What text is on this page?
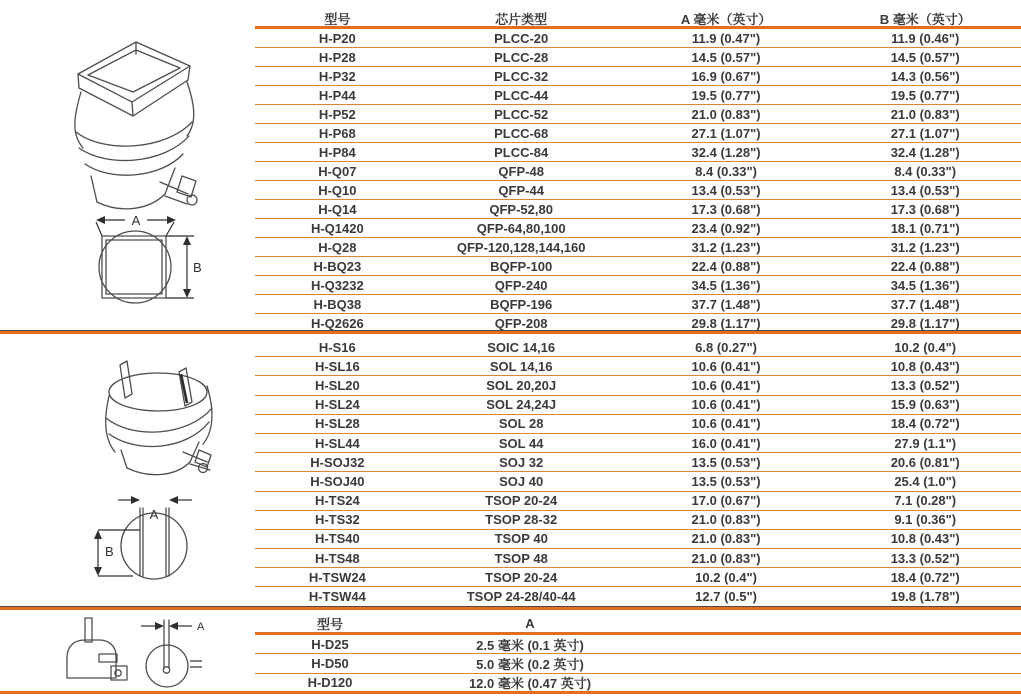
A
B
A
B
A
型号	芯片类型	A 毫米（英寸）	B 毫米（英寸）
H-P20	PLCC-20	11.9 (0.47")	11.9 (0.46")
H-P28	PLCC-28	14.5 (0.57")	14.5 (0.57")
H-P32	PLCC-32	16.9 (0.67")	14.3 (0.56")
H-P44	PLCC-44	19.5 (0.77")	19.5 (0.77")
H-P52	PLCC-52	21.0 (0.83")	21.0 (0.83")
H-P68	PLCC-68	27.1 (1.07")	27.1 (1.07")
H-P84	PLCC-84	32.4 (1.28")	32.4 (1.28")
H-Q07	QFP-48	8.4 (0.33")	8.4 (0.33")
H-Q10	QFP-44	13.4 (0.53")	13.4 (0.53")
H-Q14	QFP-52,80	17.3 (0.68")	17.3 (0.68")
H-Q1420	QFP-64,80,100	23.4 (0.92")	18.1 (0.71")
H-Q28	QFP-120,128,144,160	31.2 (1.23")	31.2 (1.23")
H-BQ23	BQFP-100	22.4 (0.88")	22.4 (0.88")
H-Q3232	QFP-240	34.5 (1.36")	34.5 (1.36")
H-BQ38	BQFP-196	37.7 (1.48")	37.7 (1.48")
H-Q2626	QFP-208	29.8 (1.17")	29.8 (1.17")
H-S16	SOIC 14,16	6.8 (0.27")	10.2 (0.4")
H-SL16	SOL 14,16	10.6 (0.41")	10.8 (0.43")
H-SL20	SOL 20,20J	10.6 (0.41")	13.3 (0.52")
H-SL24	SOL 24,24J	10.6 (0.41")	15.9 (0.63")
H-SL28	SOL 28	10.6 (0.41")	18.4 (0.72")
H-SL44	SOL 44	16.0 (0.41")	27.9 (1.1")
H-SOJ32	SOJ 32	13.5 (0.53")	20.6 (0.81")
H-SOJ40	SOJ 40	13.5 (0.53")	25.4 (1.0")
H-TS24	TSOP 20-24	17.0 (0.67")	7.1 (0.28")
H-TS32	TSOP 28-32	21.0 (0.83")	9.1 (0.36")
H-TS40	TSOP 40	21.0 (0.83")	10.8 (0.43")
H-TS48	TSOP 48	21.0 (0.83")	13.3 (0.52")
H-TSW24	TSOP 20-24	10.2 (0.4")	18.4 (0.72")
H-TSW44	TSOP 24-28/40-44	12.7 (0.5")	19.8 (1.78")
型号	A
H-D25	2.5 毫米 (0.1 英寸)
H-D50	5.0 毫米 (0.2 英寸)
H-D120	12.0 毫米 (0.47 英寸)
